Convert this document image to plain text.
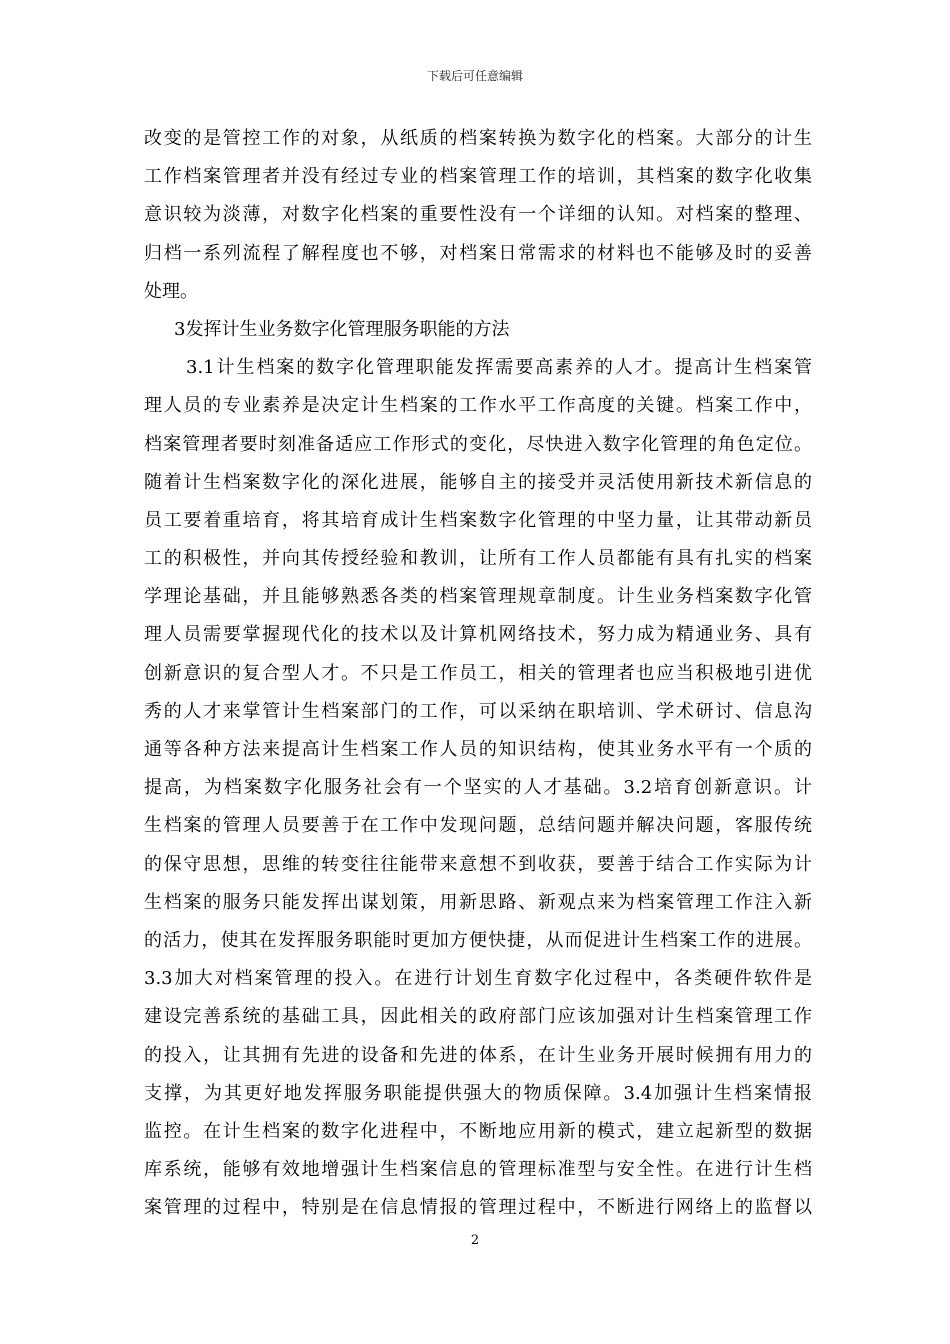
下载后可任意编辑
改变的是管控工作的对象，从纸质的档案转换为数字化的档案。大部分的计生
工作档案管理者并没有经过专业的档案管理工作的培训，其档案的数字化收集
意识较为淡薄，对数字化档案的重要性没有一个详细的认知。对档案的整理、
归档一系列流程了解程度也不够，对档案日常需求的材料也不能够及时的妥善
处理。
3发挥计生业务数字化管理服务职能的方法
3.1计生档案的数字化管理职能发挥需要高素养的人才。提高计生档案管
理人员的专业素养是决定计生档案的工作水平工作高度的关键。档案工作中，
档案管理者要时刻准备适应工作形式的变化，尽快进入数字化管理的角色定位。
随着计生档案数字化的深化进展，能够自主的接受并灵活使用新技术新信息的
员工要着重培育，将其培育成计生档案数字化管理的中坚力量，让其带动新员
工的积极性，并向其传授经验和教训，让所有工作人员都能有具有扎实的档案
学理论基础，并且能够熟悉各类的档案管理规章制度。计生业务档案数字化管
理人员需要掌握现代化的技术以及计算机网络技术，努力成为精通业务、具有
创新意识的复合型人才。不只是工作员工，相关的管理者也应当积极地引进优
秀的人才来掌管计生档案部门的工作，可以采纳在职培训、学术研讨、信息沟
通等各种方法来提高计生档案工作人员的知识结构，使其业务水平有一个质的
提高，为档案数字化服务社会有一个坚实的人才基础。3.2培育创新意识。计
生档案的管理人员要善于在工作中发现问题，总结问题并解决问题，客服传统
的保守思想，思维的转变往往能带来意想不到收获，要善于结合工作实际为计
生档案的服务只能发挥出谋划策，用新思路、新观点来为档案管理工作注入新
的活力，使其在发挥服务职能时更加方便快捷，从而促进计生档案工作的进展。
3.3加大对档案管理的投入。在进行计划生育数字化过程中，各类硬件软件是
建设完善系统的基础工具，因此相关的政府部门应该加强对计生档案管理工作
的投入，让其拥有先进的设备和先进的体系，在计生业务开展时候拥有用力的
支撑，为其更好地发挥服务职能提供强大的物质保障。3.4加强计生档案情报
监控。在计生档案的数字化进程中，不断地应用新的模式，建立起新型的数据
库系统，能够有效地增强计生档案信息的管理标准型与安全性。在进行计生档
案管理的过程中，特别是在信息情报的管理过程中，不断进行网络上的监督以
2
